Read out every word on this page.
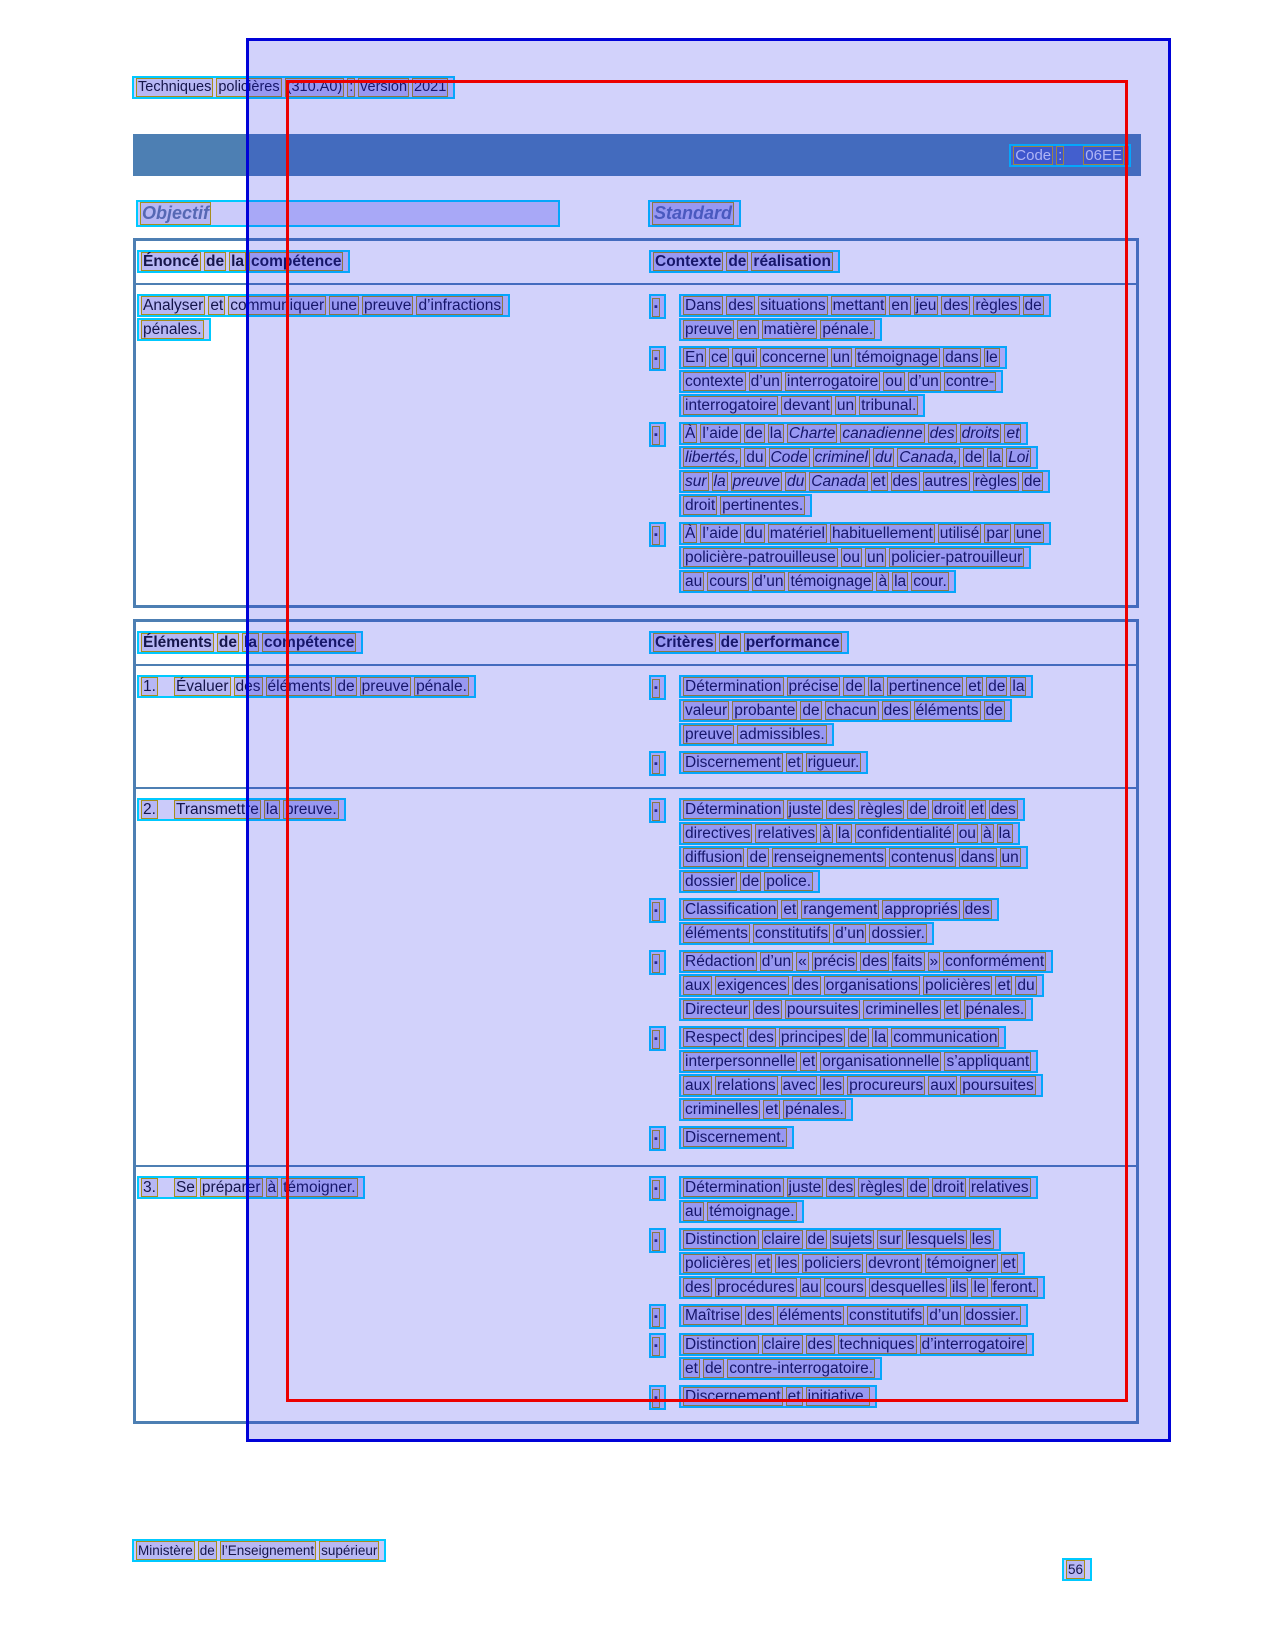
Techniques policières (310.A0) : version 2021
Code : 06EE
Objectif	Standard
Énoncé de la compétence	Contexte de réalisation
Analyser et communiquer une preuve d’infractions
pénales.
▪	Dans des situations mettant en jeu des règles de
preuve en matière pénale.
▪	En ce qui concerne un témoignage dans le
contexte d’un interrogatoire ou d’un contre-
interrogatoire devant un tribunal.
▪	À l’aide de la Charte canadienne des droits et
libertés, du Code criminel du Canada, de la Loi
sur la preuve du Canada et des autres règles de
droit pertinentes.
▪	À l’aide du matériel habituellement utilisé par une
policière-patrouilleuse ou un policier-patrouilleur
au cours d’un témoignage à la cour.
Éléments de la compétence	Critères de performance
1. Évaluer des éléments de preuve pénale.	▪	Détermination précise de la pertinence et de la
valeur probante de chacun des éléments de
preuve admissibles.
▪	Discernement et rigueur.
2. Transmettre la preuve.	▪	Détermination juste des règles de droit et des
directives relatives à la confidentialité ou à la
diffusion de renseignements contenus dans un
dossier de police.
▪	Classification et rangement appropriés des
éléments constitutifs d’un dossier.
▪	Rédaction d’un « précis des faits » conformément
aux exigences des organisations policières et du
Directeur des poursuites criminelles et pénales.
▪	Respect des principes de la communication
interpersonnelle et organisationnelle s’appliquant
aux relations avec les procureurs aux poursuites
criminelles et pénales.
▪	Discernement.
3. Se préparer à témoigner.	▪	Détermination juste des règles de droit relatives
au témoignage.
▪	Distinction claire de sujets sur lesquels les
policières et les policiers devront témoigner et
des procédures au cours desquelles ils le feront.
▪	Maîtrise des éléments constitutifs d’un dossier.
▪	Distinction claire des techniques d’interrogatoire
et de contre-interrogatoire.
▪	Discernement et initiative.
Ministère de l’Enseignement supérieur
56
